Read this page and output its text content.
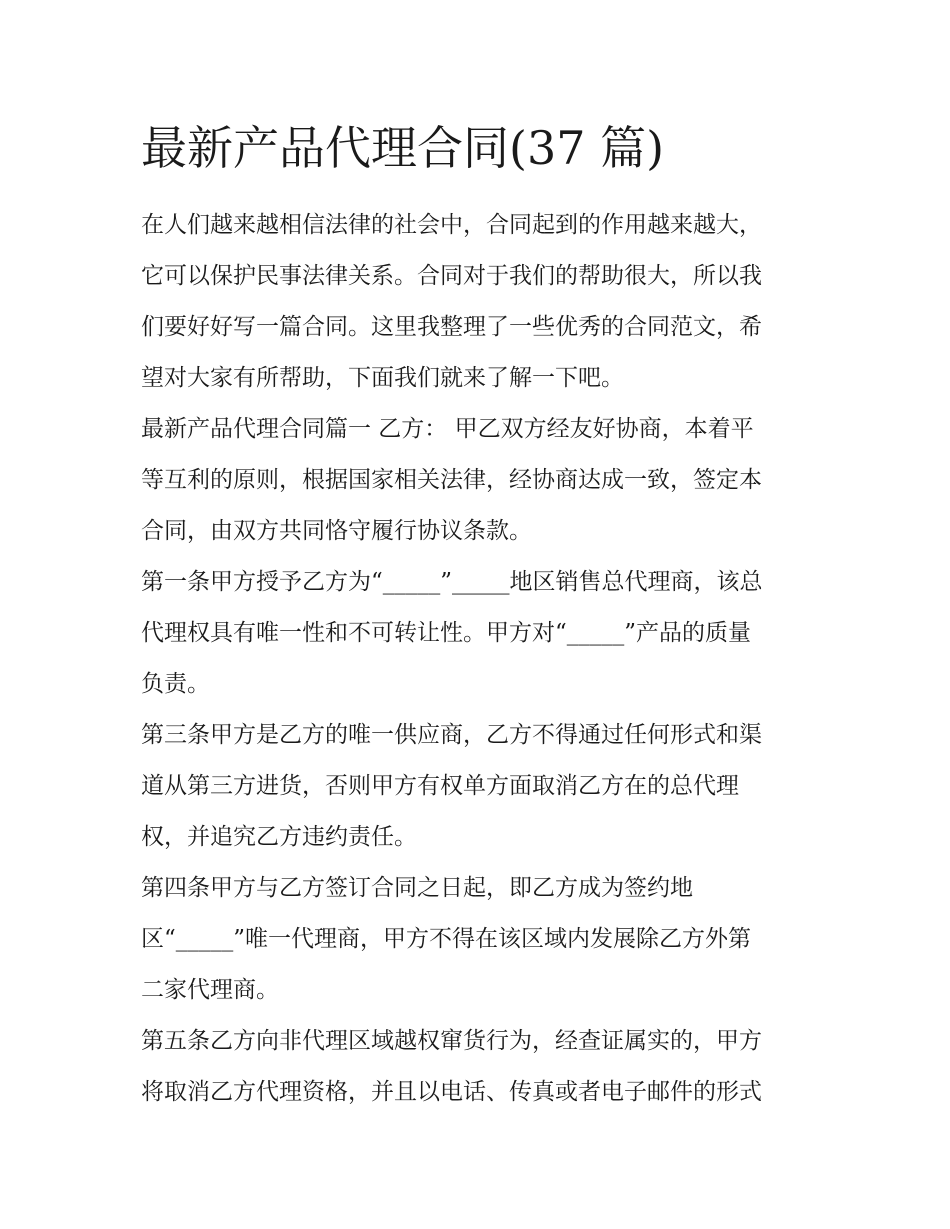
最新产品代理合同(37 篇)
在人们越来越相信法律的社会中，合同起到的作用越来越大，
它可以保护民事法律关系。合同对于我们的帮助很大，所以我
们要好好写一篇合同。这里我整理了一些优秀的合同范文，希
望对大家有所帮助，下面我们就来了解一下吧。
最新产品代理合同篇一 乙方： 甲乙双方经友好协商，本着平
等互利的原则，根据国家相关法律，经协商达成一致，签定本
合同，由双方共同恪守履行协议条款。
第一条甲方授予乙方为“_____”_____地区销售总代理商，该总
代理权具有唯一性和不可转让性。甲方对“_____”产品的质量
负责。
第三条甲方是乙方的唯一供应商，乙方不得通过任何形式和渠
道从第三方进货，否则甲方有权单方面取消乙方在的总代理
权，并追究乙方违约责任。
第四条甲方与乙方签订合同之日起，即乙方成为签约地
区“_____”唯一代理商，甲方不得在该区域内发展除乙方外第
二家代理商。
第五条乙方向非代理区域越权窜货行为，经查证属实的，甲方
将取消乙方代理资格，并且以电话、传真或者电子邮件的形式
